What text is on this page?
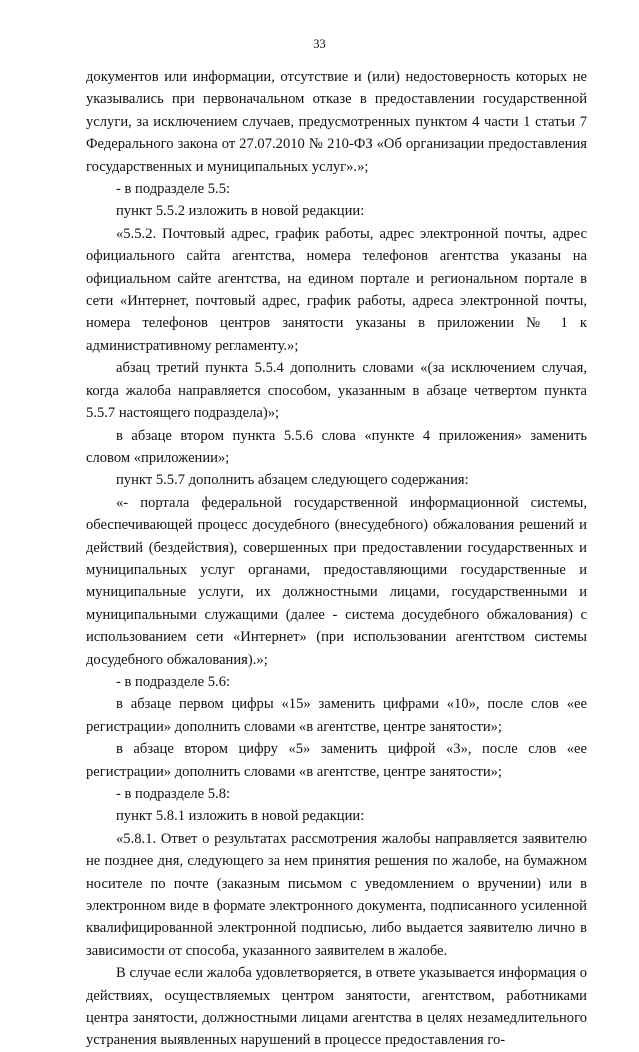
33

документов или информации, отсутствие и (или) недостоверность которых не указывались при первоначальном отказе в предоставлении государственной услуги, за исключением случаев, предусмотренных пунктом 4 части 1 статьи 7 Федерального закона от 27.07.2010 № 210-ФЗ «Об организации предоставления государственных и муниципальных услуг».»;

- в подразделе 5.5:

пункт 5.5.2 изложить в новой редакции:

«5.5.2. Почтовый адрес, график работы, адрес электронной почты, адрес официального сайта агентства, номера телефонов агентства указаны на официальном сайте агентства, на едином портале и региональном портале в сети «Интернет, почтовый адрес, график работы, адреса электронной почты, номера телефонов центров занятости указаны в приложении № 1 к административному регламенту.»;

абзац третий пункта 5.5.4 дополнить словами «(за исключением случая, когда жалоба направляется способом, указанным в абзаце четвертом пункта 5.5.7 настоящего подраздела)»;

в абзаце втором пункта 5.5.6 слова «пункте 4 приложения» заменить словом «приложении»;

пункт 5.5.7 дополнить абзацем следующего содержания:

«- портала федеральной государственной информационной системы, обеспечивающей процесс досудебного (внесудебного) обжалования решений и действий (бездействия), совершенных при предоставлении государственных и муниципальных услуг органами, предоставляющими государственные и муниципальные услуги, их должностными лицами, государственными и муниципальными служащими (далее - система досудебного обжалования) с использованием сети «Интернет» (при использовании агентством системы досудебного обжалования).»;

- в подразделе 5.6:

в абзаце первом цифры «15» заменить цифрами «10», после слов «ее регистрации» дополнить словами «в агентстве, центре занятости»;

в абзаце втором цифру «5» заменить цифрой «3», после слов «ее регистрации» дополнить словами «в агентстве, центре занятости»;

- в подразделе 5.8:

пункт 5.8.1 изложить в новой редакции:

«5.8.1. Ответ о результатах рассмотрения жалобы направляется заявителю не позднее дня, следующего за нем принятия решения по жалобе, на бумажном носителе по почте (заказным письмом с уведомлением о вручении) или в электронном виде в формате электронного документа, подписанного усиленной квалифицированной электронной подписью, либо выдается заявителю лично в зависимости от способа, указанного заявителем в жалобе.

В случае если жалоба удовлетворяется, в ответе указывается информация о действиях, осуществляемых центром занятости, агентством, работниками центра занятости, должностными лицами агентства в целях незамедлительного устранения выявленных нарушений в процессе предоставления го-
